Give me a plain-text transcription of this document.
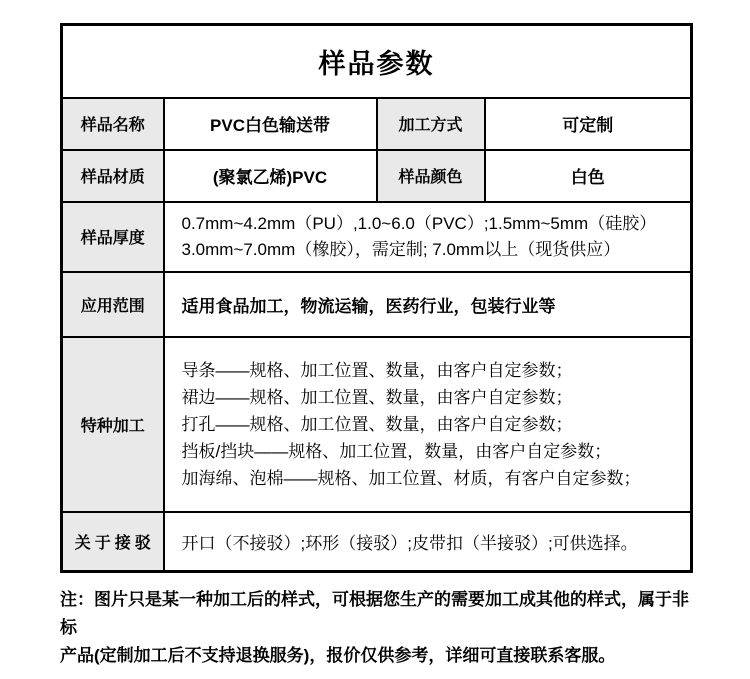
样品参数			
样品名称	PVC白色输送带	加工方式	可定制
样品材质	(聚氯乙烯)PVC	样品颜色	白色
样品厚度	0.7mm~4.2mm（PU）,1.0~6.0（PVC）;1.5mm~5mm（硅胶）
3.0mm~7.0mm（橡胶），需定制; 7.0mm以上（现货供应）		

应用范围	适用食品加工，物流运输，医药行业，包装行业等		
特种加工	导条——规格、加工位置、数量，由客户自定参数；
裙边——规格、加工位置、数量，由客户自定参数；
打孔——规格、加工位置、数量，由客户自定参数；
挡板/挡块——规格、加工位置，数量，由客户自定参数；
加海绵、泡棉——规格、加工位置、材质，有客户自定参数；		

关于接驳	开口（不接驳）;环形（接驳）;皮带扣（半接驳）;可供选择。		
注：图片只是某一种加工后的样式，可根据您生产的需要加工成其他的样式，属于非标
产品(定制加工后不支持退换服务)，报价仅供参考，详细可直接联系客服。
